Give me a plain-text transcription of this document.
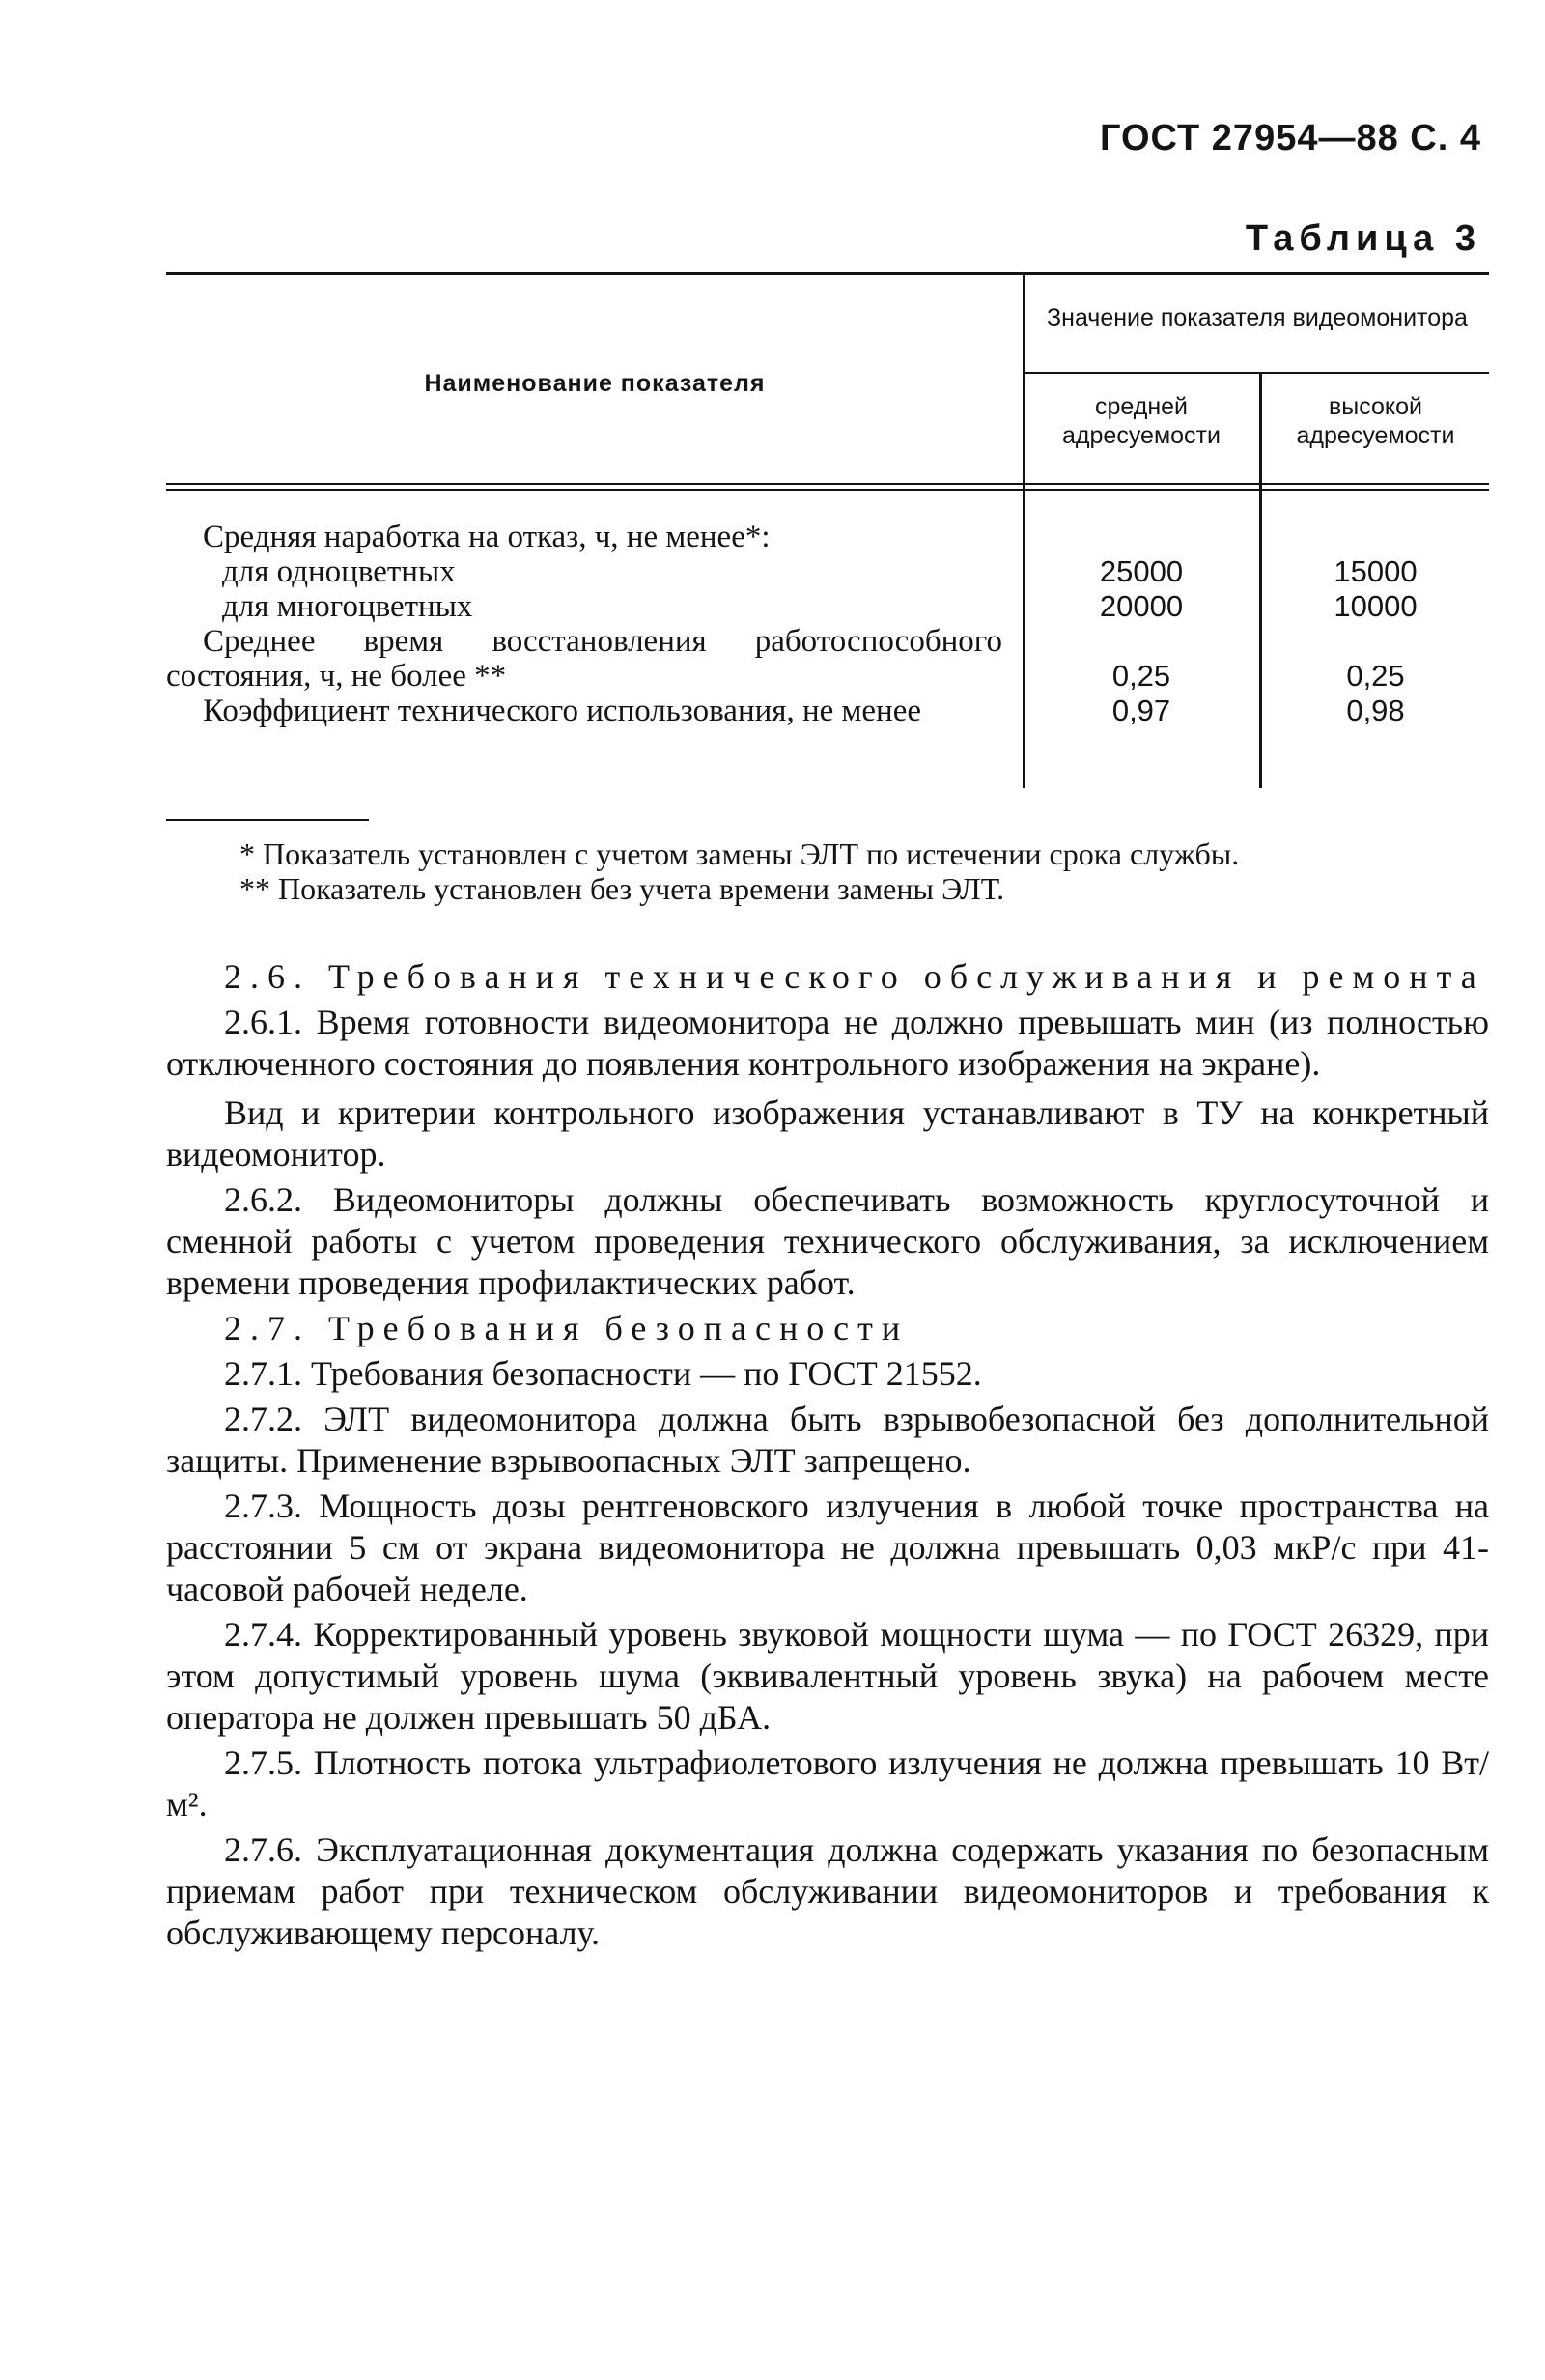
ГОСТ 27954—88 С. 4
Таблица 3
Наименование показателя
Значение показателя видеомонитора
средней адресуемости
высокой адресуемости
Средняя наработка на отказ, ч, не менее*:
для одноцветных	25000	15000
для многоцветных	20000	10000
Среднее время восстановления работоспособного состояния, ч, не более **	0,25	0,25
Коэффициент технического использования, не менее	0,97	0,98

* Показатель установлен с учетом замены ЭЛТ по истечении срока службы.

** Показатель установлен без учета времени замены ЭЛТ.

2.6. Требования технического обслуживания и ремонта

2.6.1. Время готовности видеомонитора не должно превышать мин (из полностью отключенного состояния до появления контрольного изображения на экране).

Вид и критерии контрольного изображения устанавливают в ТУ на конкретный видеомонитор.

2.6.2. Видеомониторы должны обеспечивать возможность круглосуточной и сменной работы с учетом проведения технического обслуживания, за исключением времени проведения профилактических работ.

2.7. Требования безопасности

2.7.1. Требования безопасности — по ГОСТ 21552.

2.7.2. ЭЛТ видеомонитора должна быть взрывобезопасной без дополнительной защиты. Применение взрывоопасных ЭЛТ запрещено.

2.7.3. Мощность дозы рентгеновского излучения в любой точке пространства на расстоянии 5 см от экрана видеомонитора не должна превышать 0,03 мкР/с при 41-часовой рабочей неделе.

2.7.4. Корректированный уровень звуковой мощности шума — по ГОСТ 26329, при этом допустимый уровень шума (эквивалентный уровень звука) на рабочем месте оператора не должен превышать 50 дБА.

2.7.5. Плотность потока ультрафиолетового излучения не должна превышать 10 Вт/м².

2.7.6. Эксплуатационная документация должна содержать указания по безопасным приемам работ при техническом обслуживании видеомониторов и требования к обслуживающему персоналу.
